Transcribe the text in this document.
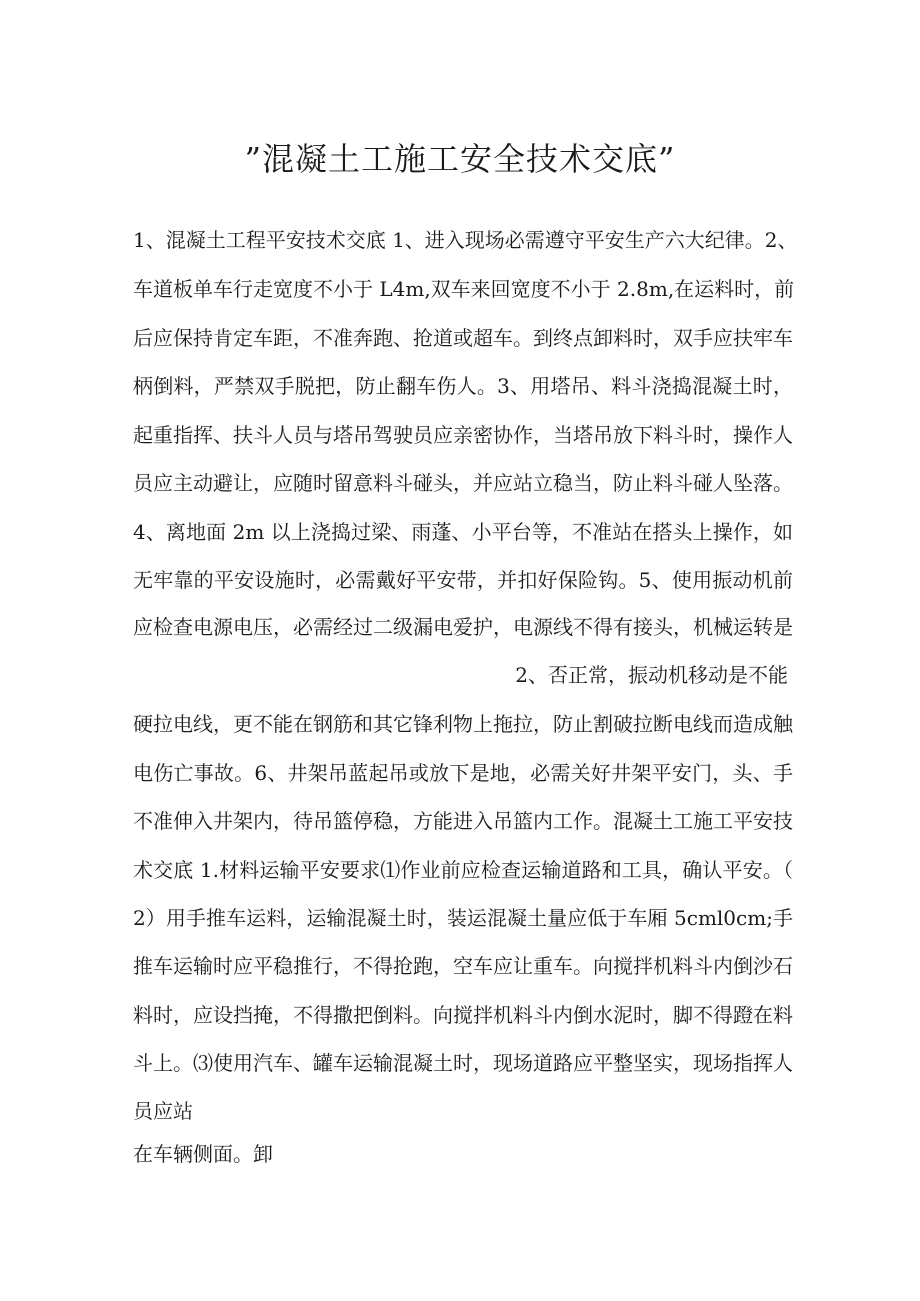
”混凝土工施工安全技术交底”
1、混凝土工程平安技术交底 1、进入现场必需遵守平安生产六大纪律。2、
车道板单车行走宽度不小于 L4m,双车来回宽度不小于 2.8m,在运料时，前
后应保持肯定车距，不准奔跑、抢道或超车。到终点卸料时，双手应扶牢车
柄倒料，严禁双手脱把，防止翻车伤人。3、用塔吊、料斗浇捣混凝土时，
起重指挥、扶斗人员与塔吊驾驶员应亲密协作，当塔吊放下料斗时，操作人
员应主动避让，应随时留意料斗碰头，并应站立稳当，防止料斗碰人坠落。
4、离地面 2m 以上浇捣过梁、雨蓬、小平台等，不准站在搭头上操作，如
无牢靠的平安设施时，必需戴好平安带，并扣好保险钩。5、使用振动机前
应检查电源电压，必需经过二级漏电爱护，电源线不得有接头，机械运转是
2、否正常，振动机移动是不能
硬拉电线，更不能在钢筋和其它锋利物上拖拉，防止割破拉断电线而造成触
电伤亡事故。6、井架吊蓝起吊或放下是地，必需关好井架平安门，头、手
不准伸入井架内，待吊篮停稳，方能进入吊篮内工作。混凝土工施工平安技
术交底 1.材料运输平安要求⑴作业前应检查运输道路和工具，确认平安。（
2）用手推车运料，运输混凝土时，装运混凝土量应低于车厢 5cml0cm;手
推车运输时应平稳推行，不得抢跑，空车应让重车。向搅拌机料斗内倒沙石
料时，应设挡掩，不得撒把倒料。向搅拌机料斗内倒水泥时，脚不得蹬在料
斗上。⑶使用汽车、罐车运输混凝土时，现场道路应平整坚实，现场指挥人
员应站
在车辆侧面。卸
